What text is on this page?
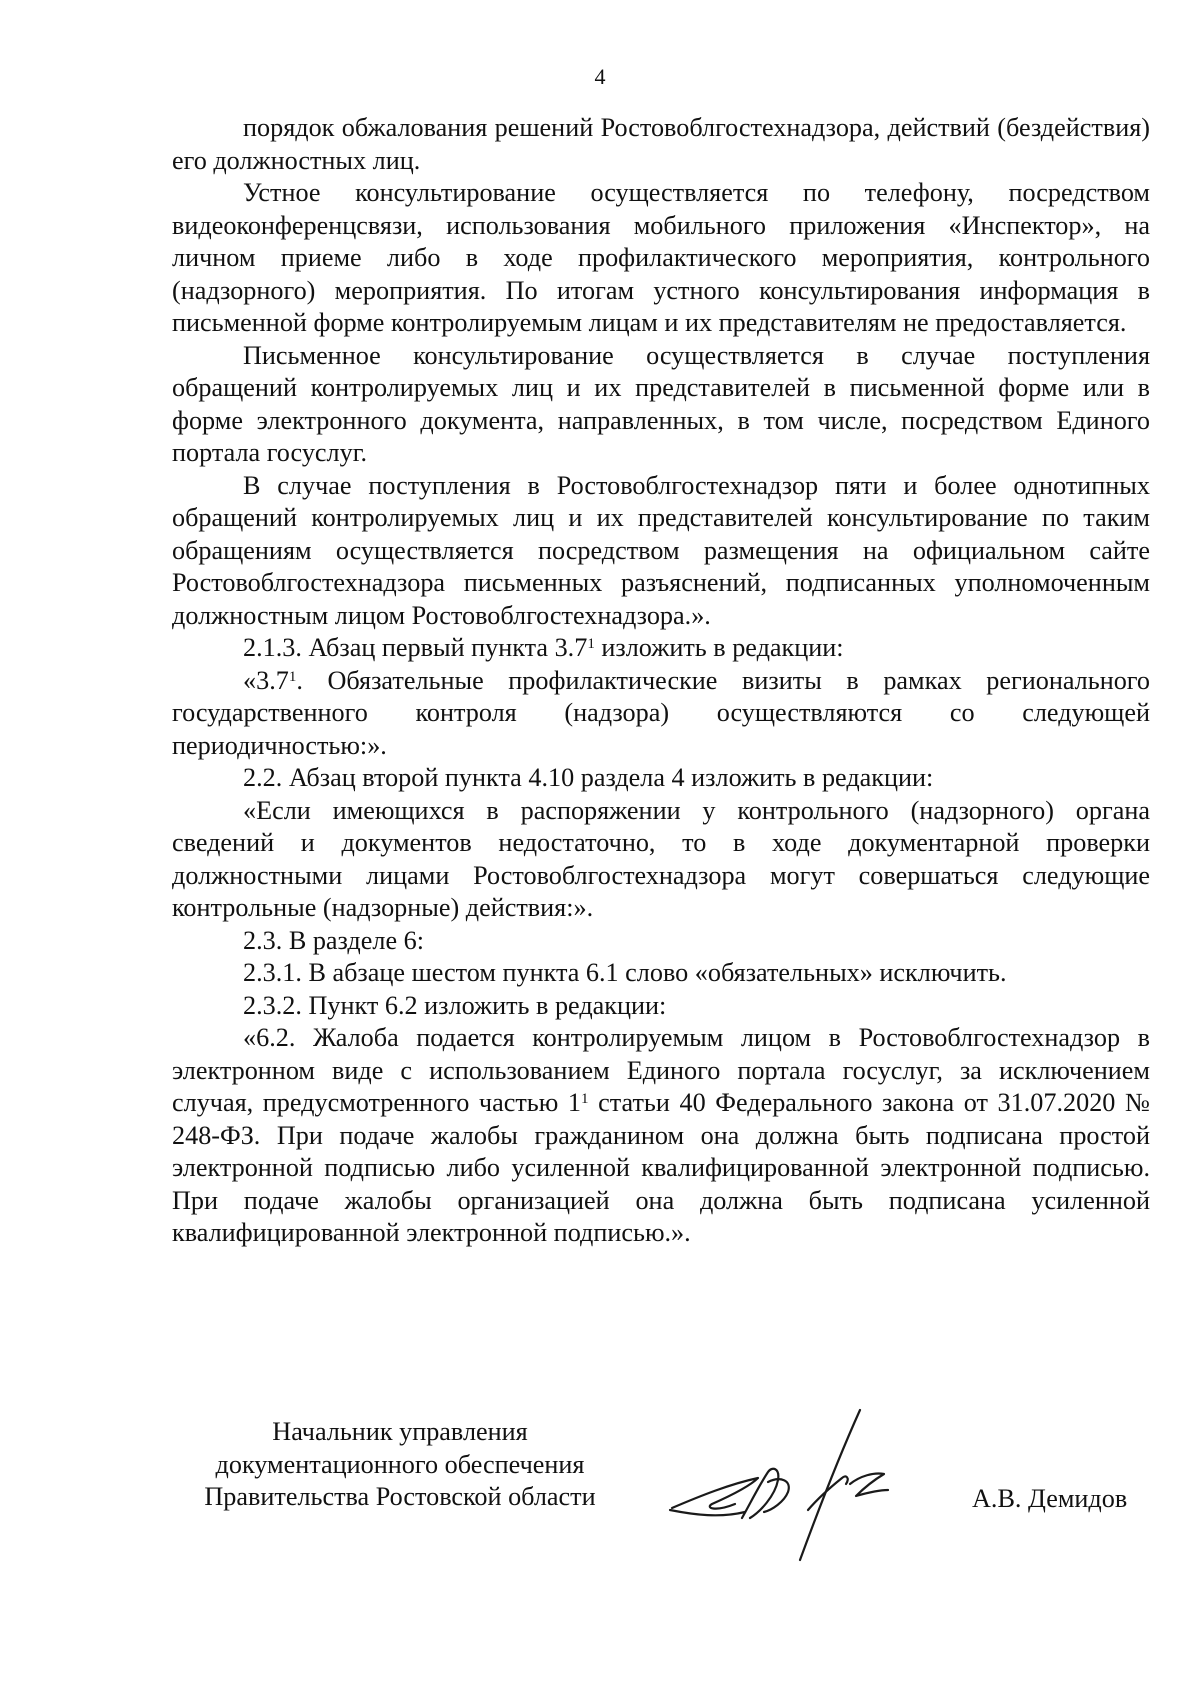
4

порядок обжалования решений Ростовоблгостехнадзора, действий (бездействия) его должностных лиц.

Устное консультирование осуществляется по телефону, посредством видеоконференцсвязи, использования мобильного приложения «Инспектор», на личном приеме либо в ходе профилактического мероприятия, контрольного (надзорного) мероприятия. По итогам устного консультирования информация в письменной форме контролируемым лицам и их представителям не предоставляется.

Письменное консультирование осуществляется в случае поступления обращений контролируемых лиц и их представителей в письменной форме или в форме электронного документа, направленных, в том числе, посредством Единого портала госуслуг.

В случае поступления в Ростовоблгостехнадзор пяти и более однотипных обращений контролируемых лиц и их представителей консультирование по таким обращениям осуществляется посредством размещения на официальном сайте Ростовоблгостехнадзора письменных разъяснений, подписанных уполномоченным должностным лицом Ростовоблгостехнадзора.».

2.1.3. Абзац первый пункта $3.7^1$ изложить в редакции:

«$3.7^1$. Обязательные профилактические визиты в рамках регионального государственного контроля (надзора) осуществляются со следующей периодичностью:».

2.2. Абзац второй пункта 4.10 раздела 4 изложить в редакции:

«Если имеющихся в распоряжении у контрольного (надзорного) органа сведений и документов недостаточно, то в ходе документарной проверки должностными лицами Ростовоблгостехнадзора могут совершаться следующие контрольные (надзорные) действия:».

2.3. В разделе 6:

2.3.1. В абзаце шестом пункта 6.1 слово «обязательных» исключить.

2.3.2. Пункт 6.2 изложить в редакции:

«6.2. Жалоба подается контролируемым лицом в Ростовоблгостехнадзор в электронном виде с использованием Единого портала госуслуг, за исключением случая, предусмотренного частью $1^1$ статьи 40 Федерального закона от 31.07.2020 № 248-ФЗ. При подаче жалобы гражданином она должна быть подписана простой электронной подписью либо усиленной квалифицированной электронной подписью. При подаче жалобы организацией она должна быть подписана усиленной квалифицированной электронной подписью.».

Начальник управления
документационного обеспечения
Правительства Ростовской области	А.В. Демидов
